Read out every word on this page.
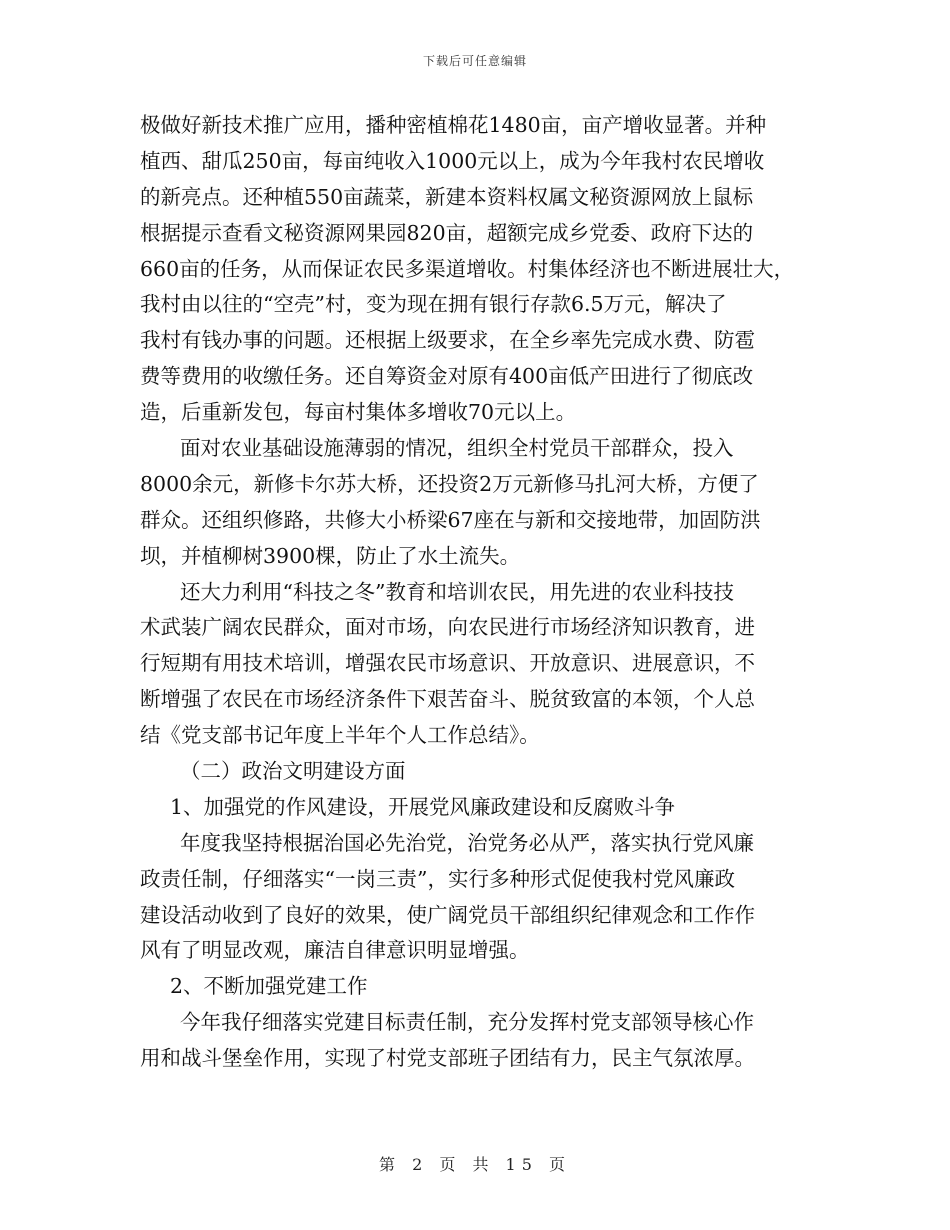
下载后可任意编辑
极做好新技术推广应用，播种密植棉花1480亩，亩产增收显著。并种
植西、甜瓜250亩，每亩纯收入1000元以上，成为今年我村农民增收
的新亮点。还种植550亩蔬菜，新建本资料权属文秘资源网放上鼠标
根据提示查看文秘资源网果园820亩，超额完成乡党委、政府下达的
660亩的任务，从而保证农民多渠道增收。村集体经济也不断进展壮大，
我村由以往的“空壳”村，变为现在拥有银行存款6.5万元，解决了
我村有钱办事的问题。还根据上级要求，在全乡率先完成水费、防雹
费等费用的收缴任务。还自筹资金对原有400亩低产田进行了彻底改
造，后重新发包，每亩村集体多增收70元以上。
面对农业基础设施薄弱的情况，组织全村党员干部群众，投入
8000余元，新修卡尔苏大桥，还投资2万元新修马扎河大桥，方便了
群众。还组织修路，共修大小桥梁67座在与新和交接地带，加固防洪
坝，并植柳树3900棵，防止了水土流失。
还大力利用“科技之冬”教育和培训农民，用先进的农业科技技
术武装广阔农民群众，面对市场，向农民进行市场经济知识教育，进
行短期有用技术培训，增强农民市场意识、开放意识、进展意识，不
断增强了农民在市场经济条件下艰苦奋斗、脱贫致富的本领，个人总
结《党支部书记年度上半年个人工作总结》。
（二）政治文明建设方面
1、加强党的作风建设，开展党风廉政建设和反腐败斗争
年度我坚持根据治国必先治党，治党务必从严，落实执行党风廉
政责任制，仔细落实“一岗三责”，实行多种形式促使我村党风廉政
建设活动收到了良好的效果，使广阔党员干部组织纪律观念和工作作
风有了明显改观，廉洁自律意识明显增强。
2、不断加强党建工作
今年我仔细落实党建目标责任制，充分发挥村党支部领导核心作
用和战斗堡垒作用，实现了村党支部班子团结有力，民主气氛浓厚。
第 2 页 共 15 页
